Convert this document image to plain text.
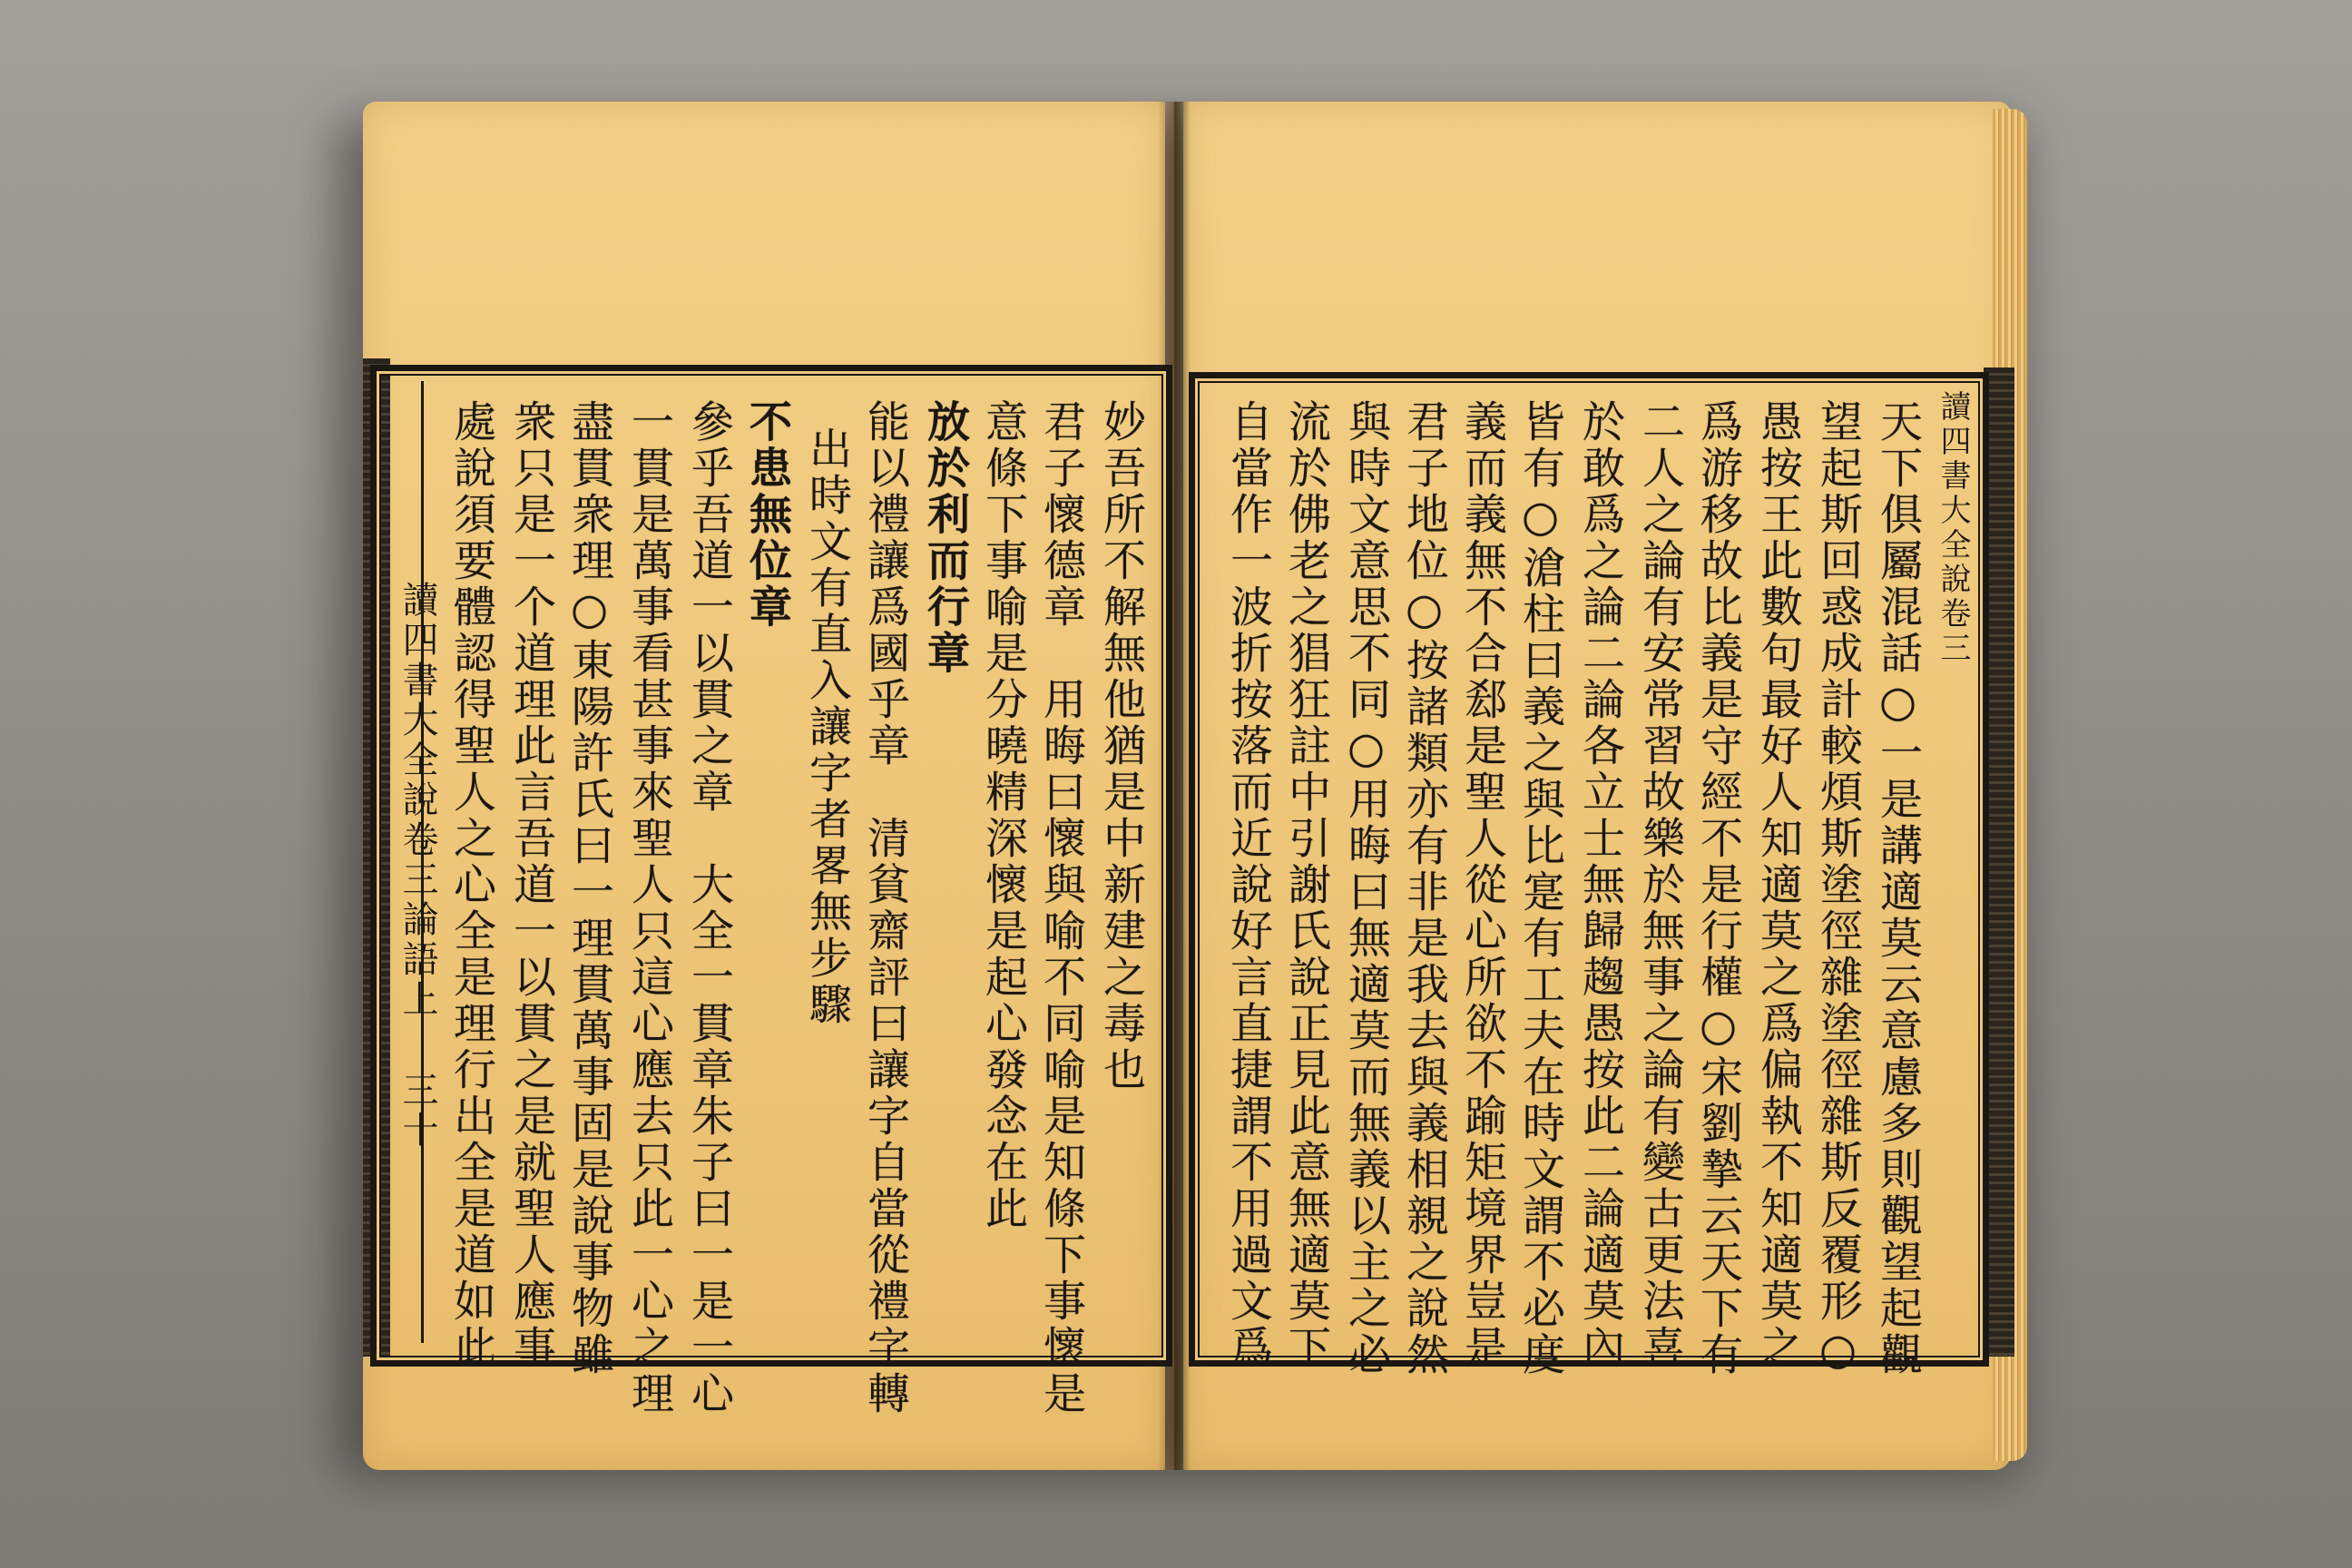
讀四書大全說卷三論語上
三十
讀四書大全說卷三
妙吾所不解無他猶是中新建之毒也
君子懷德章　用晦曰懷與喻不同喻是知條下事懷是
意條下事喻是分曉精深懷是起心發念在此
放於利而行章
能以禮讓爲國乎章　清貧齋評曰讓字自當從禮字轉
出時文有直入讓字者畧無步驟
不患無位章
參乎吾道一以貫之章　大全一貫章朱子曰一是一心
一貫是萬事看甚事來聖人只這心應去只此一心之理
盡貫衆理○東陽許氏曰一理貫萬事固是說事物雖
衆只是一个道理此言吾道一以貫之是就聖人應事
處說須要體認得聖人之心全是理行出全是道如此	天下俱屬混話○一是講適莫云意慮多則觀望起觀
望起斯回惑成計較煩斯塗徑雜塗徑雜斯反覆形○
愚按王此數句最好人知適莫之爲偏執不知適莫之
爲游移故比義是守經不是行權○宋劉摯云天下有
二人之論有安常習故樂於無事之論有變古更法喜
於敢爲之論二論各立士無歸趨愚按此二論適莫內
皆有○滄柱曰義之與比寔有工夫在時文謂不必度
義而義無不合郄是聖人從心所欲不踰矩境界豈是
君子地位○按諸類亦有非是我去與義相親之說然
與時文意思不同○用晦曰無適莫而無義以主之必
流於佛老之猖狂註中引謝氏說正見此意無適莫下
自當作一波折按落而近說好言直捷謂不用過文爲
